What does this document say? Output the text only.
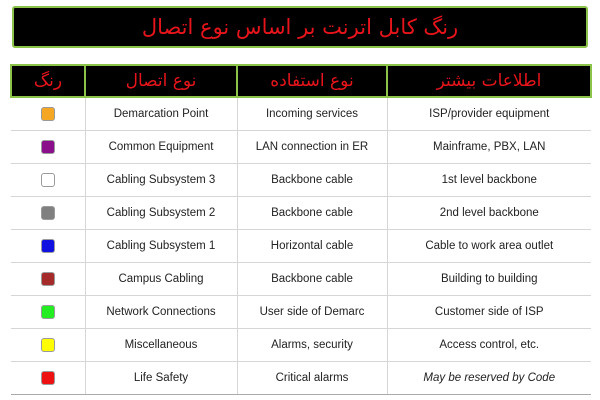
رنگ کابل اترنت بر اساس نوع اتصال
رنگ	نوع اتصال	نوع استفاده	اطلاعات بیشتر
	Demarcation Point	Incoming services	ISP/provider equipment
	Common Equipment	LAN connection in ER	Mainframe, PBX, LAN
	Cabling Subsystem 3	Backbone cable	1st level backbone
	Cabling Subsystem 2	Backbone cable	2nd level backbone
	Cabling Subsystem 1	Horizontal cable	Cable to work area outlet
	Campus Cabling	Backbone cable	Building to building
	Network Connections	User side of Demarc	Customer side of ISP
	Miscellaneous	Alarms, security	Access control, etc.
	Life Safety	Critical alarms	May be reserved by Code
